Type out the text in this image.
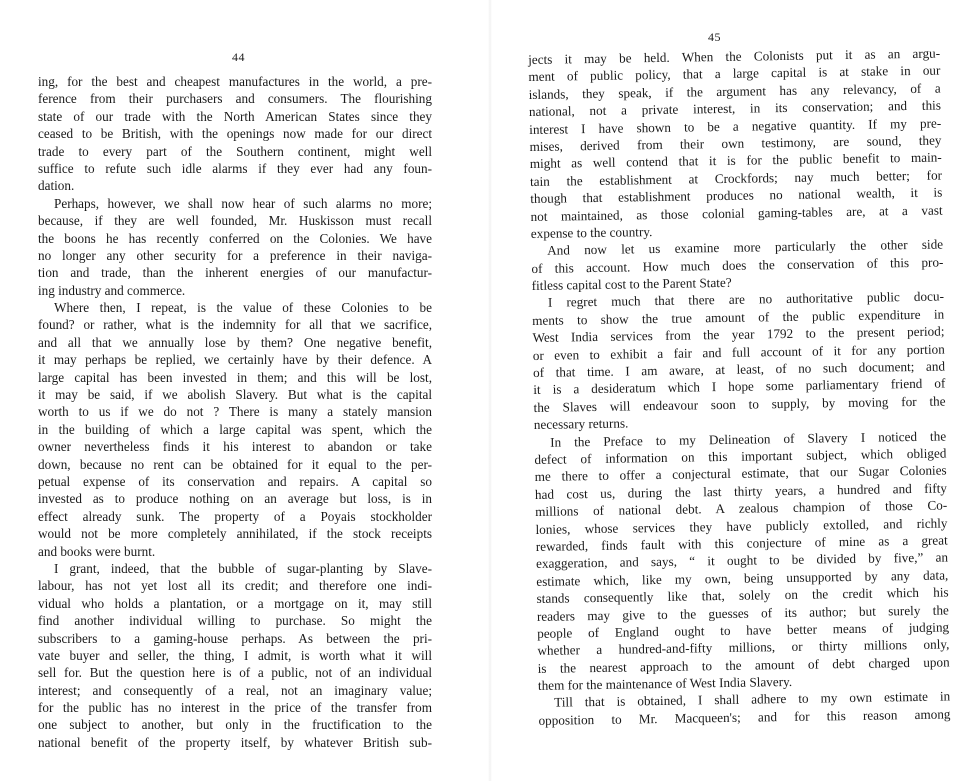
44
ing, for the best and cheapest manufactures in the world, a pre-
ference from their purchasers and consumers. The flourishing
state of our trade with the North American States since they
ceased to be British, with the openings now made for our direct
trade to every part of the Southern continent, might well
suffice to refute such idle alarms if they ever had any foun-
dation.
Perhaps, however, we shall now hear of such alarms no more;
because, if they are well founded, Mr. Huskisson must recall
the boons he has recently conferred on the Colonies. We have
no longer any other security for a preference in their naviga-
tion and trade, than the inherent energies of our manufactur-
ing industry and commerce.
Where then, I repeat, is the value of these Colonies to be
found? or rather, what is the indemnity for all that we sacrifice,
and all that we annually lose by them? One negative benefit,
it may perhaps be replied, we certainly have by their defence. A
large capital has been invested in them; and this will be lost,
it may be said, if we abolish Slavery. But what is the capital
worth to us if we do not ? There is many a stately mansion
in the building of which a large capital was spent, which the
owner nevertheless finds it his interest to abandon or take
down, because no rent can be obtained for it equal to the per-
petual expense of its conservation and repairs. A capital so
invested as to produce nothing on an average but loss, is in
effect already sunk. The property of a Poyais stockholder
would not be more completely annihilated, if the stock receipts
and books were burnt.
I grant, indeed, that the bubble of sugar-planting by Slave-
labour, has not yet lost all its credit; and therefore one indi-
vidual who holds a plantation, or a mortgage on it, may still
find another individual willing to purchase. So might the
subscribers to a gaming-house perhaps. As between the pri-
vate buyer and seller, the thing, I admit, is worth what it will
sell for. But the question here is of a public, not of an individual
interest; and consequently of a real, not an imaginary value;
for the public has no interest in the price of the transfer from
one subject to another, but only in the fructification to the
national benefit of the property itself, by whatever British sub-
45
jects it may be held. When the Colonists put it as an argu-
ment of public policy, that a large capital is at stake in our
islands, they speak, if the argument has any relevancy, of a
national, not a private interest, in its conservation; and this
interest I have shown to be a negative quantity. If my pre-
mises, derived from their own testimony, are sound, they
might as well contend that it is for the public benefit to main-
tain the establishment at Crockfords; nay much better; for
though that establishment produces no national wealth, it is
not maintained, as those colonial gaming-tables are, at a vast
expense to the country.
And now let us examine more particularly the other side
of this account. How much does the conservation of this pro-
fitless capital cost to the Parent State?
I regret much that there are no authoritative public docu-
ments to show the true amount of the public expenditure in
West India services from the year 1792 to the present period;
or even to exhibit a fair and full account of it for any portion
of that time. I am aware, at least, of no such document; and
it is a desideratum which I hope some parliamentary friend of
the Slaves will endeavour soon to supply, by moving for the
necessary returns.
In the Preface to my Delineation of Slavery I noticed the
defect of information on this important subject, which obliged
me there to offer a conjectural estimate, that our Sugar Colonies
had cost us, during the last thirty years, a hundred and fifty
millions of national debt. A zealous champion of those Co-
lonies, whose services they have publicly extolled, and richly
rewarded, finds fault with this conjecture of mine as a great
exaggeration, and says, “ it ought to be divided by five,” an
estimate which, like my own, being unsupported by any data,
stands consequently like that, solely on the credit which his
readers may give to the guesses of its author; but surely the
people of England ought to have better means of judging
whether a hundred-and-fifty millions, or thirty millions only,
is the nearest approach to the amount of debt charged upon
them for the maintenance of West India Slavery.
Till that is obtained, I shall adhere to my own estimate in
opposition to Mr. Macqueen's; and for this reason among
